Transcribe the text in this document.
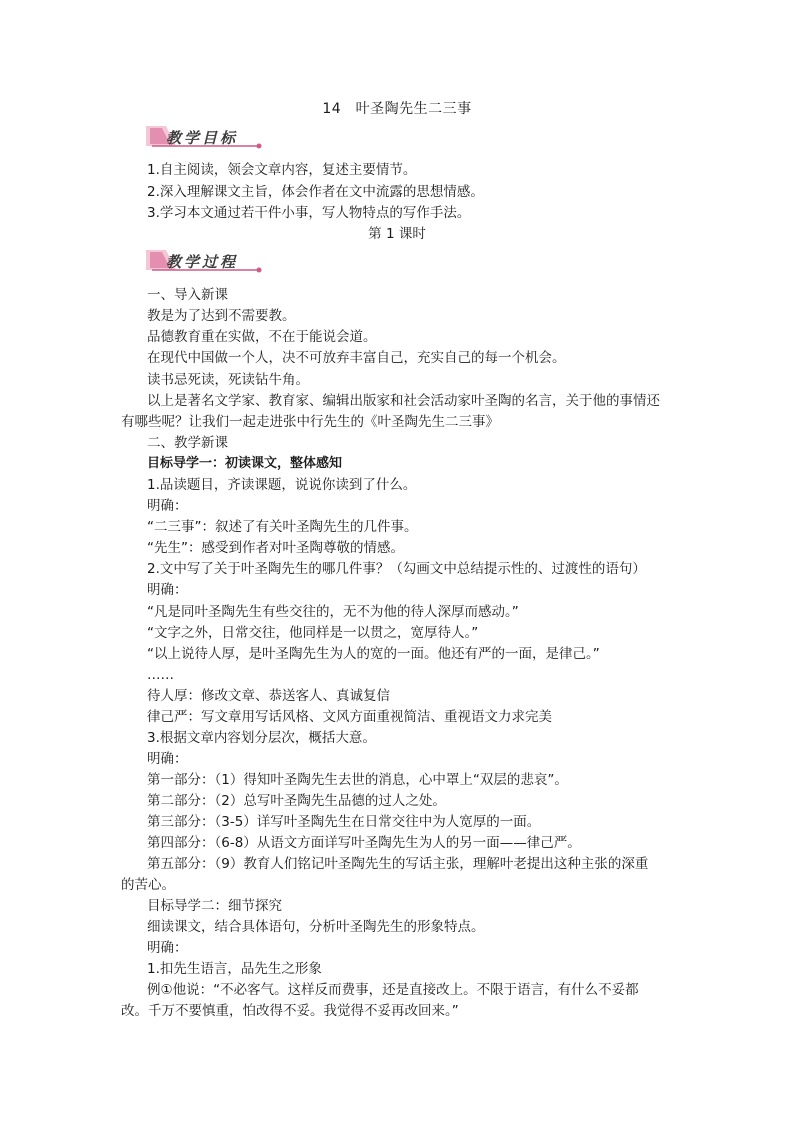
14　叶圣陶先生二三事
教学目标
教学过程
1.自主阅读，领会文章内容，复述主要情节。
2.深入理解课文主旨，体会作者在文中流露的思想情感。
3.学习本文通过若干件小事，写人物特点的写作手法。
第 1 课时
一、导入新课
教是为了达到不需要教。
品德教育重在实做，不在于能说会道。
在现代中国做一个人，决不可放弃丰富自己，充实自己的每一个机会。
读书忌死读，死读钻牛角。
以上是著名文学家、教育家、编辑出版家和社会活动家叶圣陶的名言，关于他的事情还
有哪些呢？让我们一起走进张中行先生的《叶圣陶先生二三事》
二、教学新课
目标导学一：初读课文，整体感知
1.品读题目，齐读课题，说说你读到了什么。
明确：
“二三事”：叙述了有关叶圣陶先生的几件事。
“先生”：感受到作者对叶圣陶尊敬的情感。
2.文中写了关于叶圣陶先生的哪几件事？（勾画文中总结提示性的、过渡性的语句）
明确：
“凡是同叶圣陶先生有些交往的，无不为他的待人深厚而感动。”
“文字之外，日常交往，他同样是一以贯之，宽厚待人。”
“以上说待人厚，是叶圣陶先生为人的宽的一面。他还有严的一面，是律己。”
……
待人厚：修改文章、恭送客人、真诚复信
律己严：写文章用写话风格、文风方面重视简洁、重视语文力求完美
3.根据文章内容划分层次，概括大意。
明确：
第一部分：（1）得知叶圣陶先生去世的消息，心中罩上“双层的悲哀”。
第二部分：（2）总写叶圣陶先生品德的过人之处。
第三部分：（3-5）详写叶圣陶先生在日常交往中为人宽厚的一面。
第四部分：（6-8）从语文方面详写叶圣陶先生为人的另一面——律己严。
第五部分：（9）教育人们铭记叶圣陶先生的写话主张，理解叶老提出这种主张的深重
的苦心。
目标导学二：细节探究
细读课文，结合具体语句，分析叶圣陶先生的形象特点。
明确：
1.扣先生语言，品先生之形象
例①他说：“不必客气。这样反而费事，还是直接改上。不限于语言，有什么不妥都
改。千万不要慎重，怕改得不妥。我觉得不妥再改回来。”
